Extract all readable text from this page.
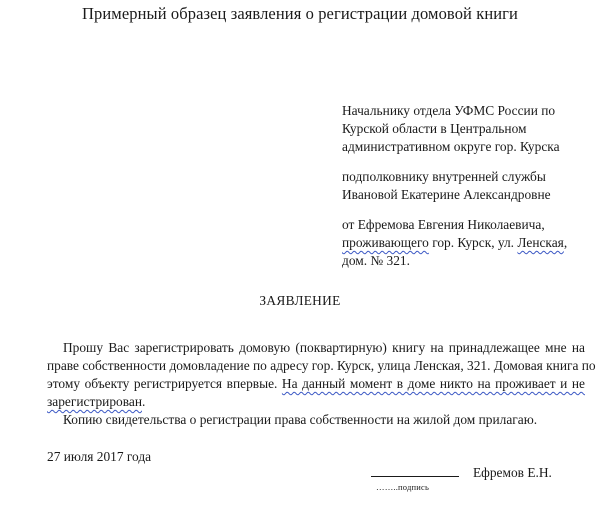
Примерный образец заявления о регистрации домовой книги
Начальнику отдела УФМС России по
Курской области в Центральном
административном округе гор. Курска
подполковнику внутренней службы
Ивановой Екатерине Александровне
от Ефремова Евгения Николаевича,
проживающего гор. Курск, ул. Ленская,
дом. № 321.
ЗАЯВЛЕНИЕ
Прошу Вас зарегистрировать домовую (поквартирную) книгу на принадлежащее мне на
праве собственности домовладение по адресу гор. Курск, улица Ленская, 321. Домовая книга по
этому объекту регистрируется впервые. На данный момент в доме никто на проживает и не
зарегистрирован.
Копию свидетельства о регистрации права собственности на жилой дом прилагаю.
27 июля 2017 года
Ефремов Е.Н.
……..подпись
